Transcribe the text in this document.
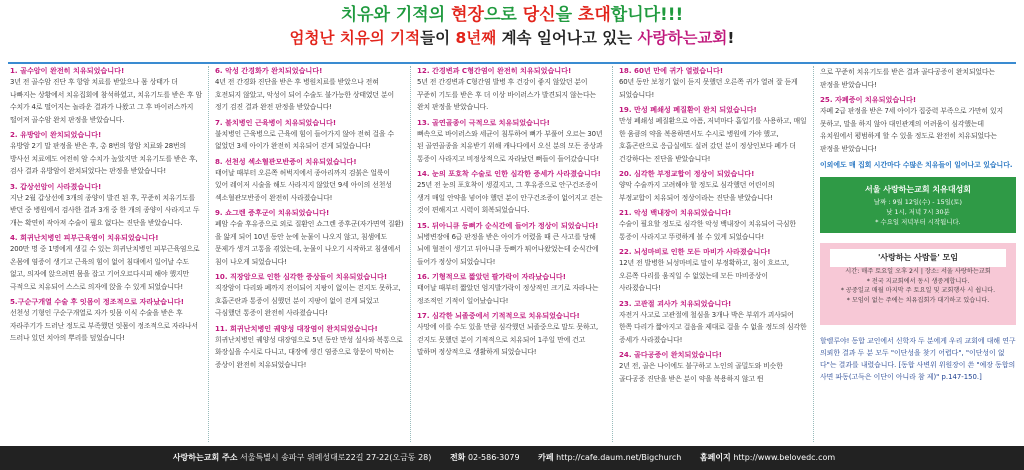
치유와 기적의 현장으로 당신을 초대합니다!!!
엄청난 치유의 기적들이 8년째 계속 일어나고 있는 사랑하는교회!
1. 골수암이 완전히 치유되었습니다!
3년 전 골수암 진단 후 항암 치료를 받았으나 몸 상태가 더 나빠지는 상황에서 치유집회에 참석하였고, 치유기도를 받은 후 암 수치가 4로 떨어지는 놀라운 결과가 나왔고 그 후 바이러스까지 떨어져 골수암 완치 판정을 받았습니다.
2. 유방암이 완치되었습니다!
유방암 2기 말 판정을 받은 후, 총 8번의 항암 치료와 28번의 방사선 치료에도 여전히 암 수치가 높았지만 치유기도를 받은 후, 검사 결과 유방암이 완치되었다는 판정을 받았습니다!
3. 갑상선암이 사라졌습니다!
지난 2월 갑상선에 3개의 종양이 발견 된 후, 꾸준히 치유기도를 받던 중 병원에서 검사한 결과 3개 중 한 개의 종양이 사라지고 두 개는 확연히 작아져 수술이 필요 없다는 진단을 받았습니다.
4. 희귀난치병인 피부근육염이 치유되었습니다!
200만 명 중 1명에게 생길 수 있는 희귀난치병인 피부근육염으로 온몸에 염증이 생기고 근육의 힘이 없어 침대에서 일어날 수도 없고, 의자에 앉으려면 몸을 잡고 기어오르다시피 해야 했지만 극적으로 치유되어 스스로 의자에 앉을 수 있게 되었습니다!
5.구순구개열 수술 후 잇몸이 정조적으로 자라났습니다!
선천성 기형인 구순구개열로 자가 잇몸 이식 수술을 받은 후 자라주기가 드러난 정도로 부족했던 잇몸이 정조적으로 자라나서 드러나 있던 치아의 뿌리를 덮었습니다!
6. 악성 간경화가 완치되었습니다!
4년 전 간경화 진단을 받은 후 병원치료를 받았으나 전혀 호전되지 않았고, 악성이 되어 수술도 불가능한 상태였던 분이 정기 검진 결과 완전 판정을 받았습니다!
7. 불치병인 근육병이 치유되었습니다!
불치병인 근육병으로 근육에 힘이 들어가지 않아 전혀 걸을 수 없었던 3세 아이가 완전히 치유되어 걷게 되었습니다!
8. 선천성 섹소혈관모반증이 치유되었습니다!
태어날 때부터 오른쪽 허벅지에서 종아리까지 검붉은 얼룩이 있어 레이저 시술을 해도 사라지지 않았던 9세 아이의 선천성 섹소혈관모반증이 완전히 사라졌습니다!
9. 쇼그렌 증후군이 치유되었습니다!
폐암 수술 후유증으로 외로 질환인 쇼그렌 증후군(자가면역 질환)을 앓게 되어 10년 동안 눈에 눈물이 나오지 않고, 침샘에도 문제가 생겨 고통을 겪었는데, 눈물이 나오기 시작하고 침샘에서 침이 나오게 되었습니다!
10. 직장암으로 인한 심각한 증상들이 치유되었습니다!
직장암이 다리와 폐까지 전이되어 지팡이 없이는 걷지도 못하고, 호흡곤란과 통증이 심했던 분이 지팡이 없이 걷게 되었고 극심했던 통증이 완전히 사라졌습니다!
11. 희귀난치병인 궤양성 대장염이 완치되었습니다!
희귀난치병인 궤양성 대장염으로 5년 동안 만성 설사와 복통으로 화장실을 수시로 다니고, 대장에 생긴 염증으로 항문이 막히는 증상이 완전히 치유되었습니다!
12. 간경변과 C형간염이 완전히 치유되었습니다!
5년 전 간경변과 C형간염 발병 후 건강이 좋지 않았던 분이 꾸준히 기도를 받은 후 더 이상 바이러스가 발견되지 않는다는 완치 판정을 받았습니다.
13. 골연골종이 극적으로 치유되었습니다!
뼈속으로 바이러스와 세균이 침투하여 뼈가 부풀어 오르는 30년 된 골연골종을 치유받기 위해 캐나다에서 오신 분의 모든 증상과 통증이 사라지고 비정상적으로 자라났던 뼈들이 들어갔습니다!
14. 눈의 포호착 수술로 인한 심각한 증세가 사라졌습니다!
25년 전 눈의 포호착이 생겼지고, 그 후유증으로 안구건조증이 생겨 매일 안약을 넣어야 했던 분이 안구건조증이 없어지고 걷는 것이 편해지고 시력이 회복되었습니다.
15. 뒤아니큐 등뼈가 순식간에 들어가 정상이 되었습니다!
뇌병변장애 6급 판정을 받은 아이가 어렸을 때 큰 사고를 당해 뇌에 혈전이 생기고 뒤아니큐 등뼈가 튀어나왔었는데 순식간에 들어가 정상이 되었습니다!
16. 기형적으로 짧았던 팔가락이 자라났습니다!
태어날 때부터 짧았던 엄지발가락이 정상적인 크기로 자라나는 정조적인 기적이 일어났습니다!
17. 심각한 뇌졸중에서 기적적으로 치유되었습니다!
사망에 이를 수도 있을 만큼 심각했던 뇌졸중으로 말도 못하고, 걷지도 못했던 분이 기적적으로 치유되어 1주일 만에 건고 말하며 정상적으로 생활하게 되었습니다!
18. 60년 만에 귀가 열렸습니다!
60년 동안 보청기 없이 듣지 못했던 오른쪽 귀가 열려 잘 듣게 되었습니다!
19. 만성 폐쇄성 폐질환이 완치 되었습니다!
만성 폐쇄성 폐질환으로 아픔, 저녁마다 흡입기를 사용하고, 매일 한 움큼의 약을 복용하면서도 수시로 병원에 가야 했고, 호흡곤란으로 응급실에도 실려 갔던 분이 정상인보다 폐가 더 건강하다는 진단을 받았습니다!
20. 심각한 부정교합이 정상이 되었습니다!
양악 수술까지 고려해야 할 정도로 심각했던 어린이의 부정교합이 치유되어 정상이라는 진단을 받았습니다!
21. 악성 백내장이 치유되었습니다!
수술이 필요할 정도로 심각한 악성 백내장이 치유되어 극심한 통증이 사라지고 뚜렷하게 볼 수 있게 되었습니다!
22. 뇌성마비로 인한 모든 마비가 사라졌습니다!
12년 전 발병한 뇌성마비로 말이 부정확하고, 침이 흐르고, 오른쪽 다리를 움직일 수 없었는데 모든 마비증상이 사라졌습니다!
23. 고관절 괴사가 치유되었습니다!
자전거 사고로 고관절에 철심을 3개나 박은 부위가 괴사되어 한쪽 다리가 짧아지고 걸음을 제대로 걸을 수 없을 정도의 심각한 증세가 사라졌습니다!
24. 골다공증이 완치되었습니다!
2년 전, 골은 나이에도 불구하고 노인의 골밀도와 비슷한 골다공증 진단을 받은 분이 약을 복용하지 않고 뛴
으로 꾸준히 치유기도를 받은 결과 골다공증이 완치되었다는 판정을 받았습니다!
25. 자폐증이 치유되었습니다!
자폐 2급 판정을 받은 7세 아이가 집중력 부족으로 가만히 있지 못하고, 말을 하지 않아 대인관계의 어려움이 심각했는데 유치원에서 평범하게 할 수 있을 정도로 완전히 치유되었다는 판정을 받았습니다!
이외에도 매 집회 시간마다 수많은 치유들이 일어나고 있습니다.
서울 사랑하는교회 치유대성회
날짜 : 9월 12일(수) - 15일(토)
낮 1시, 저녁 7시 30분
* 수요일 저녁부터 시작됩니다.
'사랑하는 사람들' 모임
시간: 매주 토요일 오후 2시 | 장소: 서울 사랑하는교회
* 전국 지교회에서 동시 생중계합니다.
* 공중일교 매월 마지막 주 토요일 및 교회행사 시 쉽니다.
* 모임이 없는 주에는 치유집회가 대기하고 있습니다.
할렐루야! 동합 교인에서 신학자 두 분에게 우리 교회에 대해 연구 의뢰한 결과 두 분 모두 "이단성을 찾기 어렵다", "이단성이 없다"는 결과를 내렸습니다. [동합 사변위 위원장이 쓴 "예장 동합의 사면 파동(고득은 이단이 아니라 참 제)" p.147-150.]
사랑하는교회 주소 서울특별시 송파구 위례성대로22길 27-22(오금동 28) 전화 02-586-3079 카페 http://cafe.daum.net/Bigchurch 홈페이지 http://www.belovedc.com
